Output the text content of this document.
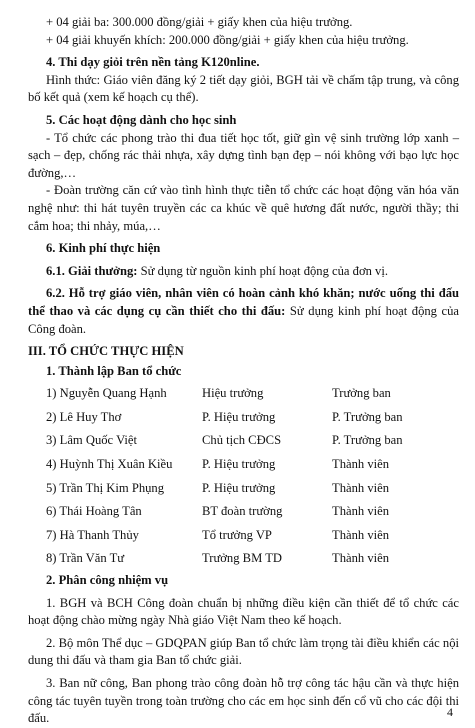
+ 04 giải ba: 300.000 đồng/giải + giấy khen của hiệu trưởng.
+ 04 giải khuyến khích: 200.000 đồng/giải + giấy khen của hiệu trưởng.
4. Thi dạy giỏi trên nền tảng K120nline.
Hình thức: Giáo viên đăng ký 2 tiết dạy giỏi, BGH tải về chấm tập trung, và công bố kết quả (xem kế hoạch cụ thể).
5. Các hoạt động dành cho học sinh
- Tổ chức các phong trào thi đua tiết học tốt, giữ gìn vệ sinh trường lớp xanh – sạch – đẹp, chống rác thải nhựa, xây dựng tình bạn đẹp – nói không với bạo lực học đường,…
- Đoàn trường căn cứ vào tình hình thực tiễn tổ chức các hoạt động văn hóa văn nghệ như: thi hát tuyên truyền các ca khúc về quê hương đất nước, người thầy; thi cắm hoa; thi nhảy, múa,…
6. Kinh phí thực hiện
6.1. Giải thưởng: Sử dụng từ nguồn kinh phí hoạt động của đơn vị.
6.2. Hỗ trợ giáo viên, nhân viên có hoàn cảnh khó khăn; nước uống thi đấu thể thao và các dụng cụ cần thiết cho thi đấu: Sử dụng kinh phí hoạt động của Công đoàn.
III. TỔ CHỨC THỰC HIỆN
1. Thành lập Ban tổ chức
1) Nguyễn Quang Hạnh	Hiệu trưởng	Trưởng ban
2) Lê Huy Thơ	P. Hiệu trưởng	P. Trưởng ban
3) Lâm Quốc Việt	Chủ tịch CĐCS	P. Trưởng ban
4) Huỳnh Thị Xuân Kiều	P. Hiệu trưởng	Thành viên
5) Trần Thị Kim Phụng	P. Hiệu trưởng	Thành viên
6) Thái Hoàng Tân	BT đoàn trường	Thành viên
7) Hà Thanh Thủy	Tổ trưởng VP	Thành viên
8) Trần Văn Tư	Trưởng BM TD	Thành viên
2. Phân công nhiệm vụ
1. BGH và BCH Công đoàn chuẩn bị những điều kiện cần thiết để tổ chức các hoạt động chào mừng ngày Nhà giáo Việt Nam theo kế hoạch.
2. Bộ môn Thể dục – GDQPAN giúp Ban tổ chức làm trọng tài điều khiển các nội dung thi đấu và tham gia Ban tổ chức giải.
3. Ban nữ công, Ban phong trào công đoàn hỗ trợ công tác hậu cần và thực hiện công tác tuyên tuyền trong toàn trường cho các em học sinh đến cổ vũ cho các đội thi đấu.	4
